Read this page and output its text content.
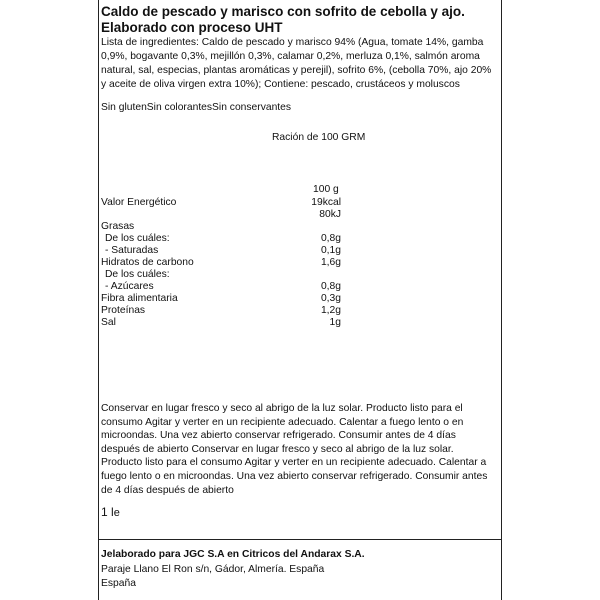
Caldo de pescado y marisco con sofrito de cebolla y ajo.
Elaborado con proceso UHT
Lista de ingredientes: Caldo de pescado y marisco 94% (Agua, tomate 14%, gamba 0,9%, bogavante 0,3%, mejillón 0,3%, calamar 0,2%, merluza 0,1%, salmón aroma natural, sal, especias, plantas aromáticas y perejil), sofrito 6%, (cebolla 70%, ajo 20% y aceite de oliva virgen extra 10%); Contiene: pescado, crustáceos y moluscos
Sin glutenSin colorantesSin conservantes
Ración de 100 GRM
100 g
Valor Energético	19kcal
80kJ
Grasas
De los cuáles:	0,8g
- Saturadas	0,1g
Hidratos de carbono	1,6g
De los cuáles:
- Azúcares	0,8g
Fibra alimentaria	0,3g
Proteínas	1,2g
Sal	1g
Conservar en lugar fresco y seco al abrigo de la luz solar. Producto listo para el consumo Agitar y verter en un recipiente adecuado. Calentar a fuego lento o en microondas. Una vez abierto conservar refrigerado. Consumir antes de 4 días después de abierto Conservar en lugar fresco y seco al abrigo de la luz solar. Producto listo para el consumo Agitar y verter en un recipiente adecuado. Calentar a fuego lento o en microondas. Una vez abierto conservar refrigerado. Consumir antes de 4 días después de abierto
1 le
Jelaborado para JGC S.A en Citricos del Andarax S.A.
Paraje Llano El Ron s/n, Gádor, Almería. España
España
